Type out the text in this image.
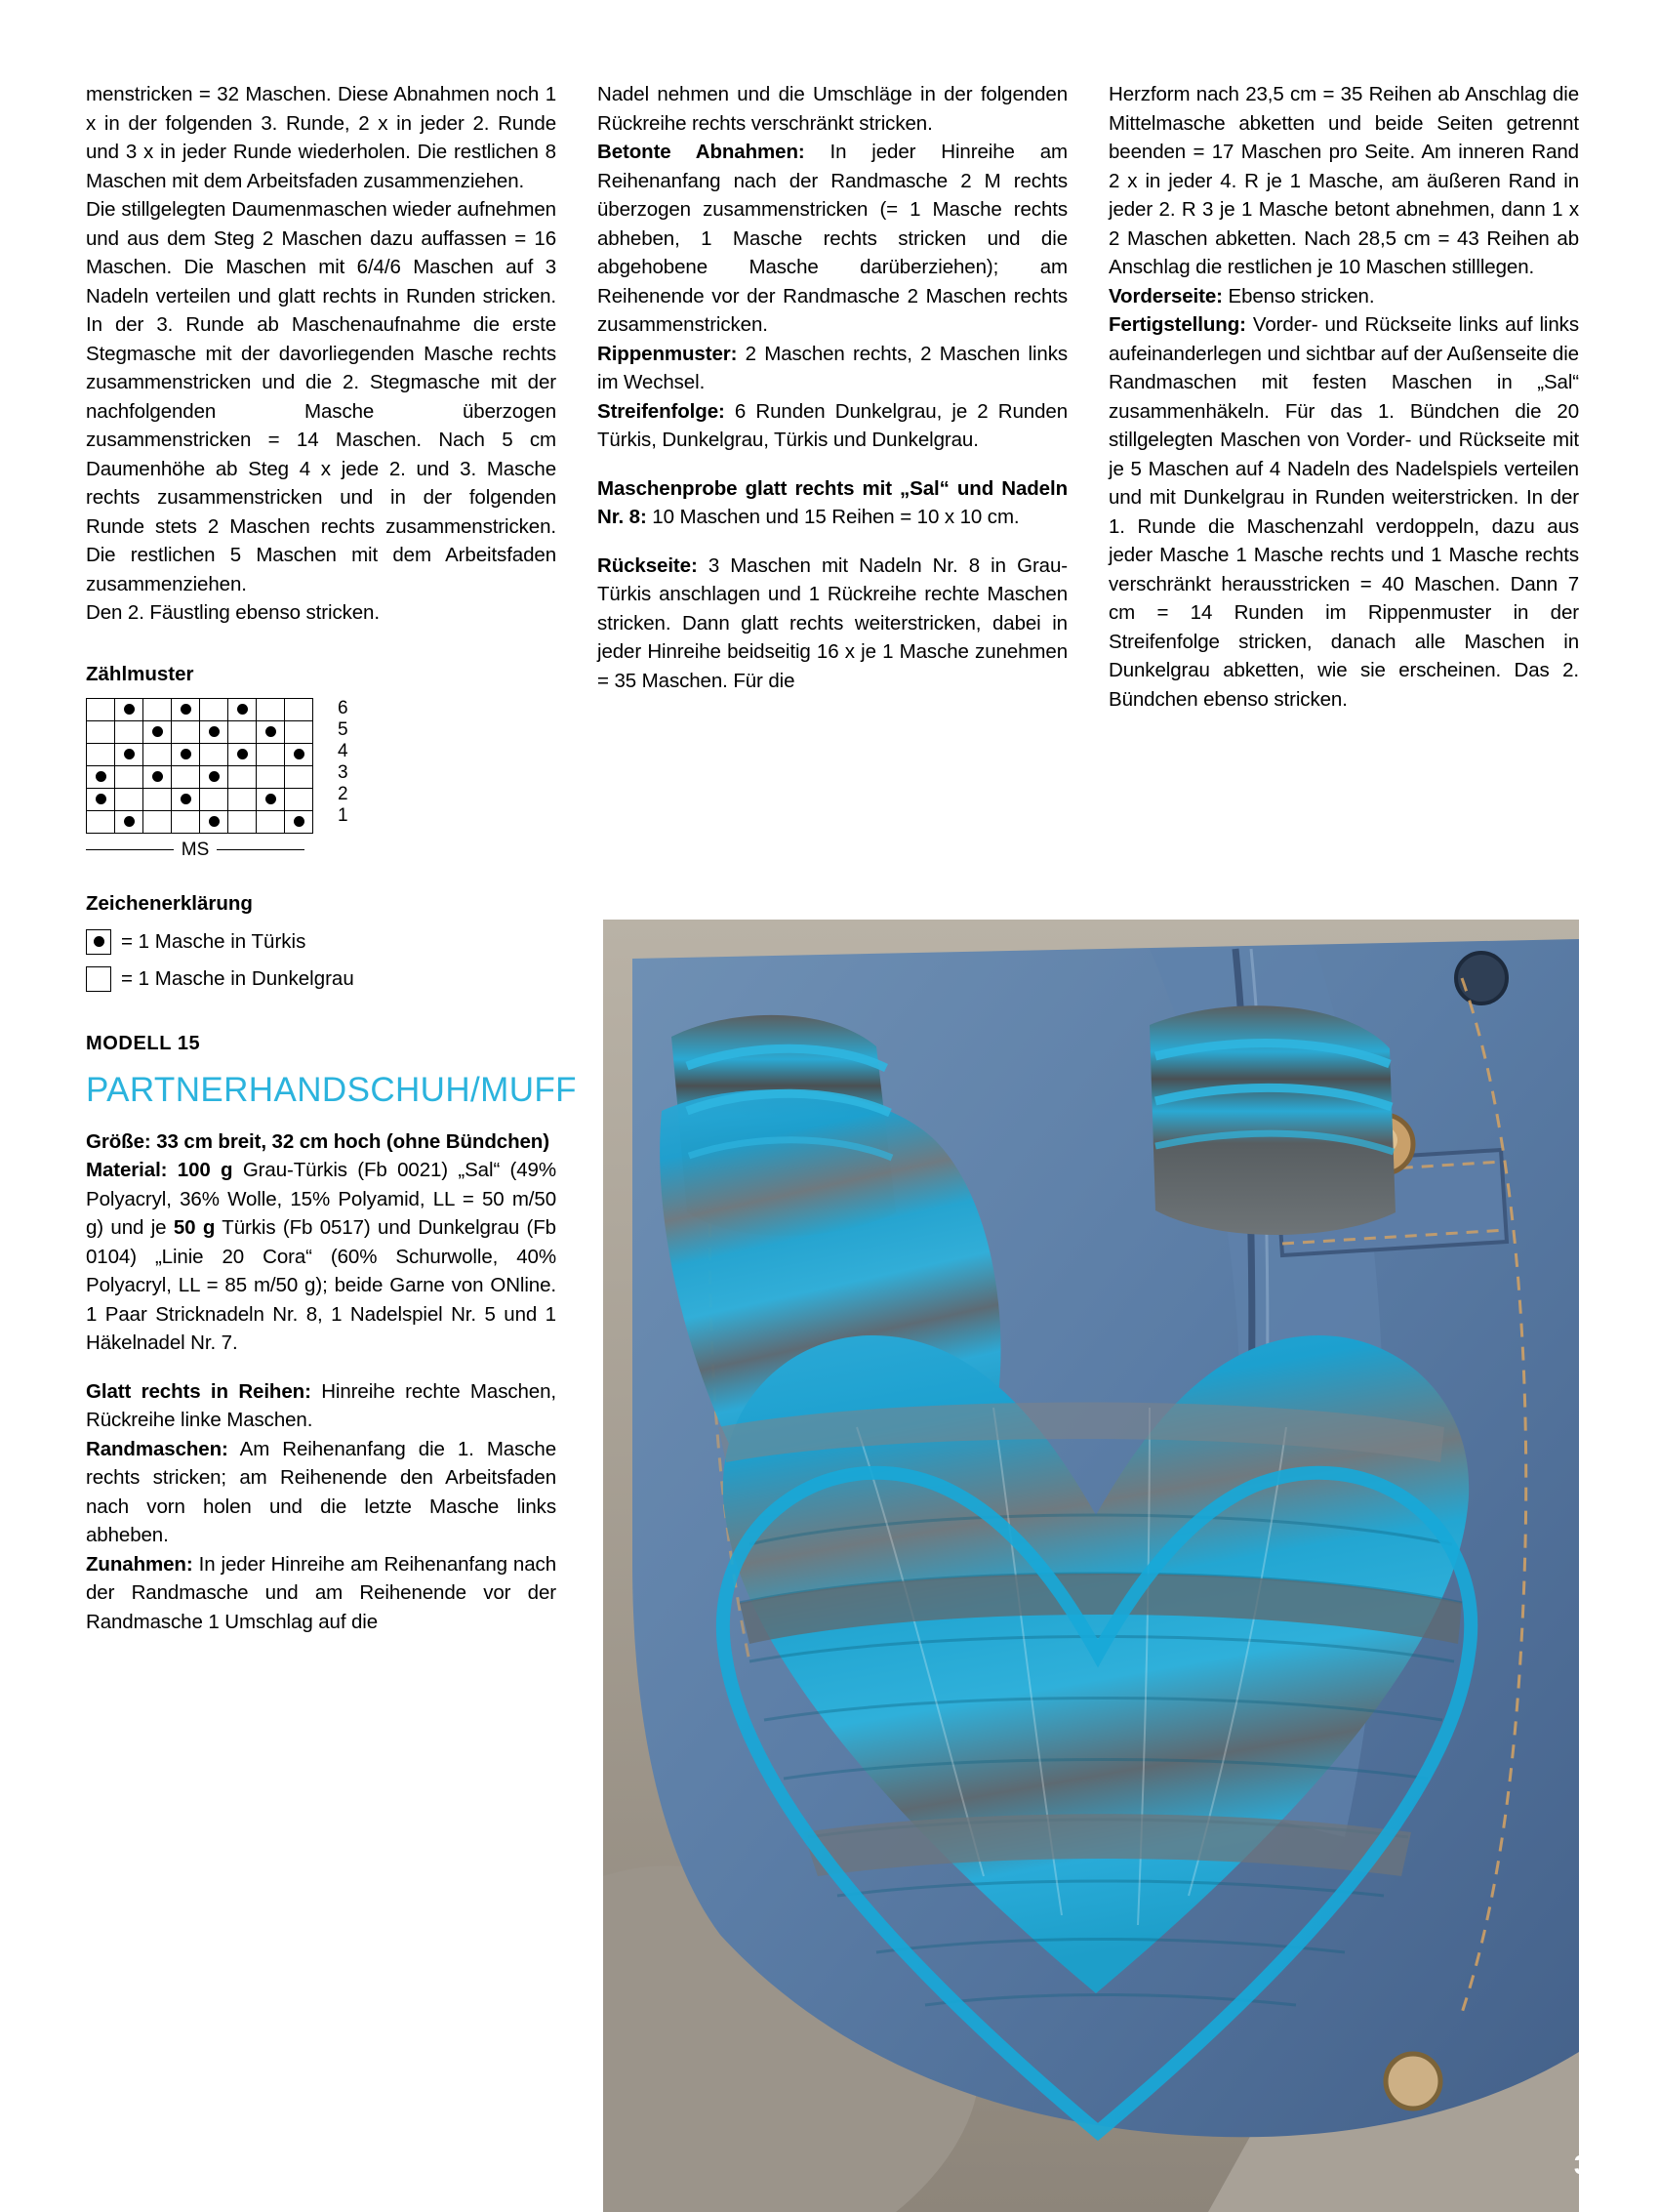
menstricken = 32 Maschen. Diese Abnahmen noch 1 x in der folgenden 3. Runde, 2 x in jeder 2. Runde und 3 x in jeder Runde wiederholen. Die restlichen 8 Maschen mit dem Arbeitsfaden zusammenziehen.
Die stillgelegten Daumenmaschen wieder aufnehmen und aus dem Steg 2 Maschen dazu auffassen = 16 Maschen. Die Maschen mit 6/4/6 Maschen auf 3 Nadeln verteilen und glatt rechts in Runden stricken. In der 3. Runde ab Maschenaufnahme die erste Stegmasche mit der davorliegenden Masche rechts zusammenstricken und die 2. Stegmasche mit der nachfolgenden Masche überzogen zusammenstricken = 14 Maschen. Nach 5 cm Daumenhöhe ab Steg 4 x jede 2. und 3. Masche rechts zusammenstricken und in der folgenden Runde stets 2 Maschen rechts zusammenstricken. Die restlichen 5 Maschen mit dem Arbeitsfaden zusammenziehen.
Den 2. Fäustling ebenso stricken.
Zählmuster

6
5
4
3
2
1
MS
Zeichenerklärung
= 1 Masche in Türkis
= 1 Masche in Dunkelgrau
MODELL 15
PARTNERHANDSCHUH/MUFF
Größe: 33 cm breit, 32 cm hoch (ohne Bündchen)
Material: 100 g Grau-Türkis (Fb 0021) „Sal“ (49% Polyacryl, 36% Wolle, 15% Polyamid, LL = 50 m/50 g) und je 50 g Türkis (Fb 0517) und Dunkelgrau (Fb 0104) „Linie 20 Cora“ (60% Schurwolle, 40% Polyacryl, LL = 85 m/50 g); beide Garne von ONline. 1 Paar Stricknadeln Nr. 8, 1 Nadelspiel Nr. 5 und 1 Häkelnadel Nr. 7.
Glatt rechts in Reihen: Hinreihe rechte Maschen, Rückreihe linke Maschen.
Randmaschen: Am Reihenanfang die 1. Masche rechts stricken; am Reihenende den Arbeitsfaden nach vorn holen und die letzte Masche links abheben.
Zunahmen: In jeder Hinreihe am Reihenanfang nach der Randmasche und am Reihenende vor der Randmasche 1 Umschlag auf die
Nadel nehmen und die Umschläge in der folgenden Rückreihe rechts verschränkt stricken.
Betonte Abnahmen: In jeder Hinreihe am Reihenanfang nach der Randmasche 2 M rechts überzogen zusammenstricken (= 1 Masche rechts abheben, 1 Masche rechts stricken und die abgehobene Masche darüberziehen); am Reihenende vor der Randmasche 2 Maschen rechts zusammenstricken.
Rippenmuster: 2 Maschen rechts, 2 Maschen links im Wechsel.
Streifenfolge: 6 Runden Dunkelgrau, je 2 Runden Türkis, Dunkelgrau, Türkis und Dunkelgrau.
Maschenprobe glatt rechts mit „Sal“ und Nadeln Nr. 8: 10 Maschen und 15 Reihen = 10 x 10 cm.
Rückseite: 3 Maschen mit Nadeln Nr. 8 in Grau-Türkis anschlagen und 1 Rückreihe rechte Maschen stricken. Dann glatt rechts weiterstricken, dabei in jeder Hinreihe beidseitig 16 x je 1 Masche zunehmen = 35 Maschen. Für die
Herzform nach 23,5 cm = 35 Reihen ab Anschlag die Mittelmasche abketten und beide Seiten getrennt beenden = 17 Maschen pro Seite. Am inneren Rand 2 x in jeder 4. R je 1 Masche, am äußeren Rand in jeder 2. R 3 je 1 Masche betont abnehmen, dann 1 x 2 Maschen abketten. Nach 28,5 cm = 43 Reihen ab Anschlag die restlichen je 10 Maschen stilllegen.
Vorderseite: Ebenso stricken.
Fertigstellung: Vorder- und Rückseite links auf links aufeinanderlegen und sichtbar auf der Außenseite die Randmaschen mit festen Maschen in „Sal“ zusammenhäkeln. Für das 1. Bündchen die 20 stillgelegten Maschen von Vorder- und Rückseite mit je 5 Maschen auf 4 Nadeln des Nadelspiels verteilen und mit Dunkelgrau in Runden weiterstricken. In der 1. Runde die Maschenzahl verdoppeln, dazu aus jeder Masche 1 Masche rechts und 1 Masche rechts verschränkt herausstricken = 40 Maschen. Dann 7 cm = 14 Runden im Rippenmuster in der Streifenfolge stricken, danach alle Maschen in Dunkelgrau abketten, wie sie erscheinen. Das 2. Bündchen ebenso stricken.
31
